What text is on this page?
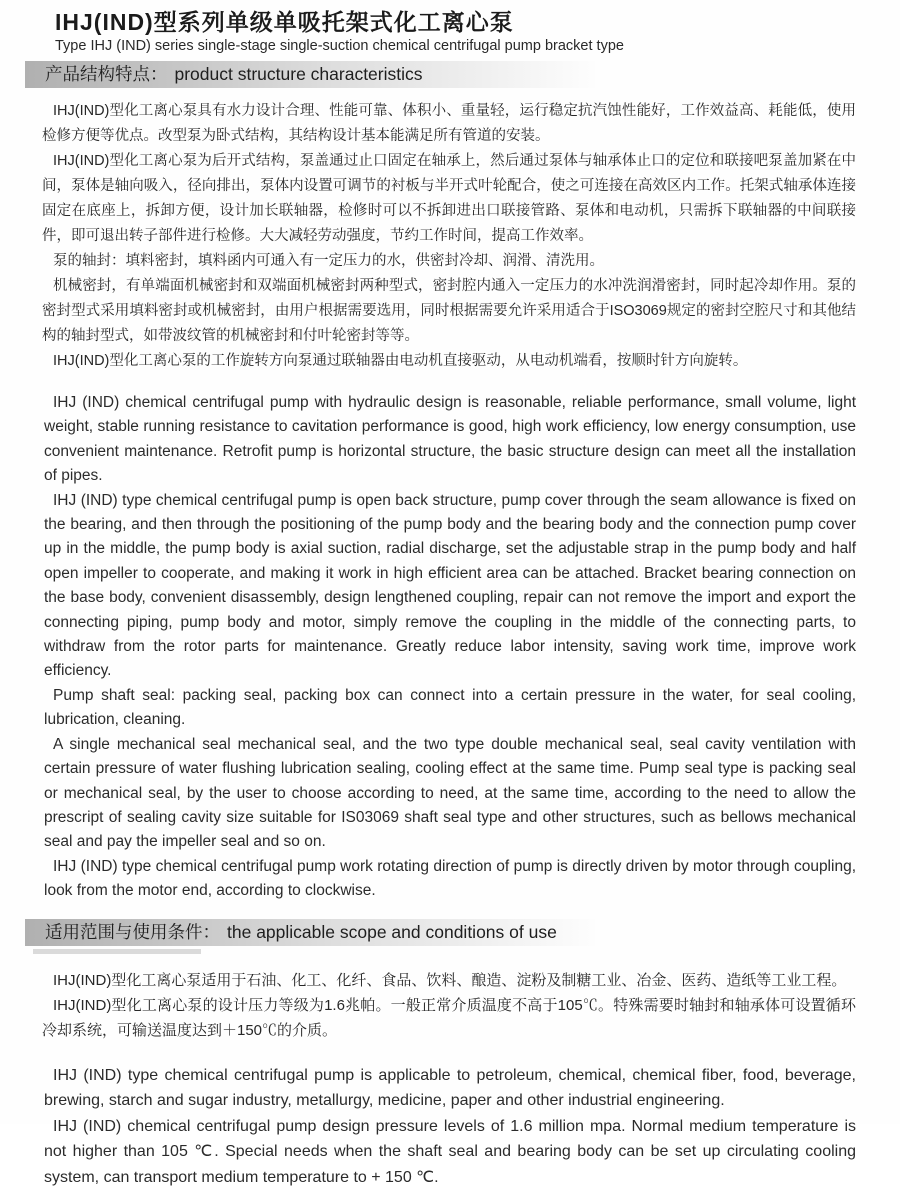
IHJ(IND)型系列单级单吸托架式化工离心泵
Type IHJ (IND) series single-stage single-suction chemical centrifugal pump bracket type
产品结构特点： product structure characteristics

IHJ(IND)型化工离心泵具有水力设计合理、性能可靠、体积小、重量轻，运行稳定抗汽蚀性能好，工作效益高、耗能低，使用检修方便等优点。改型泵为卧式结构，其结构设计基本能满足所有管道的安装。

IHJ(IND)型化工离心泵为后开式结构，泵盖通过止口固定在轴承上，然后通过泵体与轴承体止口的定位和联接吧泵盖加紧在中间，泵体是轴向吸入，径向排出，泵体内设置可调节的衬板与半开式叶轮配合，使之可连接在高效区内工作。托架式轴承体连接固定在底座上，拆卸方便，设计加长联轴器，检修时可以不拆卸进出口联接管路、泵体和电动机，只需拆下联轴器的中间联接件，即可退出转子部件进行检修。大大减轻劳动强度，节约工作时间，提高工作效率。

泵的轴封：填料密封，填料函内可通入有一定压力的水，供密封冷却、润滑、清洗用。

机械密封，有单端面机械密封和双端面机械密封两种型式，密封腔内通入一定压力的水冲洗润滑密封，同时起冷却作用。泵的密封型式采用填料密封或机械密封，由用户根据需要选用，同时根据需要允许采用适合于ISO3069规定的密封空腔尺寸和其他结构的轴封型式，如带波纹管的机械密封和付叶轮密封等等。

IHJ(IND)型化工离心泵的工作旋转方向泵通过联轴器由电动机直接驱动，从电动机端看，按顺时针方向旋转。

IHJ (IND) chemical centrifugal pump with hydraulic design is reasonable, reliable performance, small volume, light weight, stable running resistance to cavitation performance is good, high work efficiency, low energy consumption, use convenient maintenance. Retrofit pump is horizontal structure, the basic structure design can meet all the installation of pipes.

IHJ (IND) type chemical centrifugal pump is open back structure, pump cover through the seam allowance is fixed on the bearing, and then through the positioning of the pump body and the bearing body and the connection pump cover up in the middle, the pump body is axial suction, radial discharge, set the adjustable strap in the pump body and half open impeller to cooperate, and making it work in high efficient area can be attached. Bracket bearing connection on the base body, convenient disassembly, design lengthened coupling, repair can not remove the import and export the connecting piping, pump body and motor, simply remove the coupling in the middle of the connecting parts, to withdraw from the rotor parts for maintenance. Greatly reduce labor intensity, saving work time, improve work efficiency.

Pump shaft seal: packing seal, packing box can connect into a certain pressure in the water, for seal cooling, lubrication, cleaning.

A single mechanical seal mechanical seal, and the two type double mechanical seal, seal cavity ventilation with certain pressure of water flushing lubrication sealing, cooling effect at the same time. Pump seal type is packing seal or mechanical seal, by the user to choose according to need, at the same time, according to the need to allow the prescript of sealing cavity size suitable for IS03069 shaft seal type and other structures, such as bellows mechanical seal and pay the impeller seal and so on.

IHJ (IND) type chemical centrifugal pump work rotating direction of pump is directly driven by motor through coupling, look from the motor end, according to clockwise.

适用范围与使用条件： the applicable scope and conditions of use

IHJ(IND)型化工离心泵适用于石油、化工、化纤、食品、饮料、酿造、淀粉及制糖工业、冶金、医药、造纸等工业工程。

IHJ(IND)型化工离心泵的设计压力等级为1.6兆帕。一般正常介质温度不高于105℃。特殊需要时轴封和轴承体可设置循环冷却系统，可输送温度达到＋150℃的介质。

IHJ (IND) type chemical centrifugal pump is applicable to petroleum, chemical, chemical fiber, food, beverage, brewing, starch and sugar industry, metallurgy, medicine, paper and other industrial engineering.

IHJ (IND) chemical centrifugal pump design pressure levels of 1.6 million mpa. Normal medium temperature is not higher than 105 ℃. Special needs when the shaft seal and bearing body can be set up circulating cooling system, can transport medium temperature to + 150 ℃.
